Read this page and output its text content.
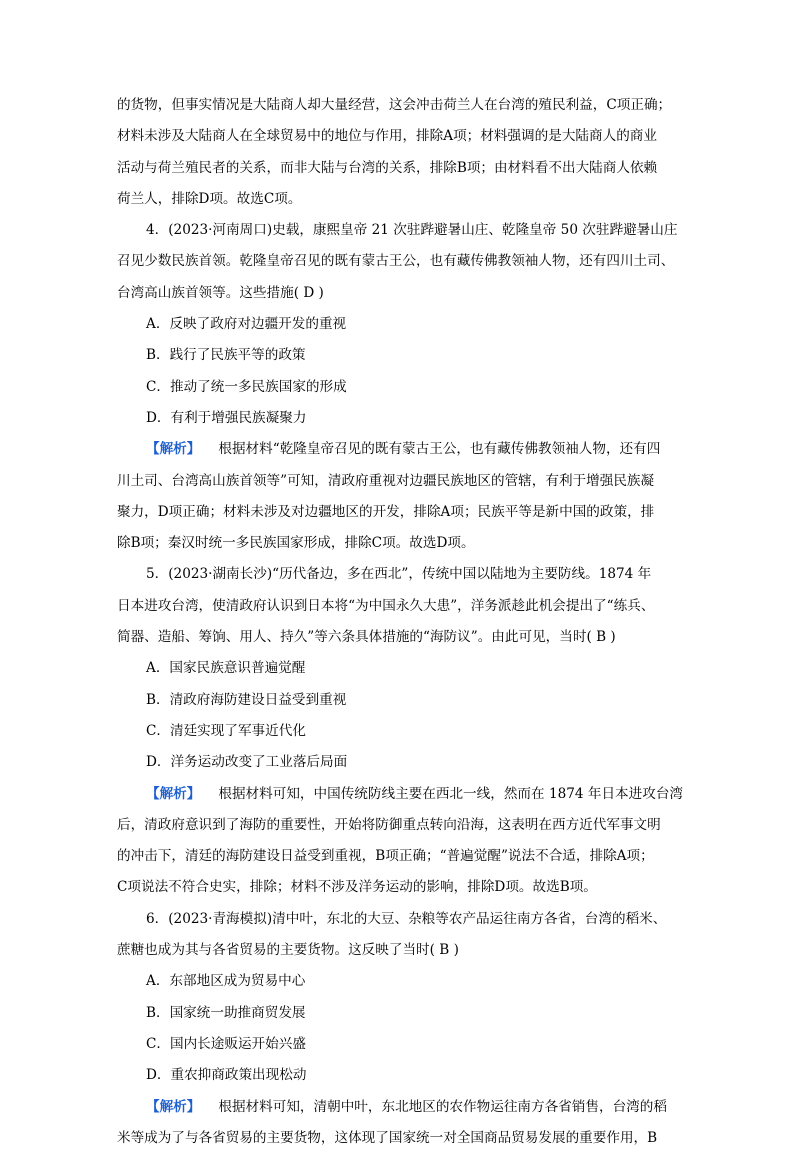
的货物，但事实情况是大陆商人却大量经营，这会冲击荷兰人在台湾的殖民利益，C项正确；
材料未涉及大陆商人在全球贸易中的地位与作用，排除A项；材料强调的是大陆商人的商业
活动与荷兰殖民者的关系，而非大陆与台湾的关系，排除B项；由材料看不出大陆商人依赖
荷兰人，排除D项。故选C项。
4．(2023·河南周口)史载，康熙皇帝 21 次驻跸避暑山庄、乾隆皇帝 50 次驻跸避暑山庄
召见少数民族首领。乾隆皇帝召见的既有蒙古王公，也有藏传佛教领袖人物，还有四川土司、
台湾高山族首领等。这些措施( D )
A．反映了政府对边疆开发的重视
B．践行了民族平等的政策
C．推动了统一多民族国家的形成
D．有利于增强民族凝聚力
【解析】 根据材料“乾隆皇帝召见的既有蒙古王公，也有藏传佛教领袖人物，还有四
川土司、台湾高山族首领等”可知，清政府重视对边疆民族地区的管辖，有利于增强民族凝
聚力，D项正确；材料未涉及对边疆地区的开发，排除A项；民族平等是新中国的政策，排
除B项；秦汉时统一多民族国家形成，排除C项。故选D项。
5．(2023·湖南长沙)“历代备边，多在西北”，传统中国以陆地为主要防线。1874 年
日本进攻台湾，使清政府认识到日本将“为中国永久大患”，洋务派趁此机会提出了“练兵、
简器、造船、筹饷、用人、持久”等六条具体措施的“海防议”。由此可见，当时( B )
A．国家民族意识普遍觉醒
B．清政府海防建设日益受到重视
C．清廷实现了军事近代化
D．洋务运动改变了工业落后局面
【解析】 根据材料可知，中国传统防线主要在西北一线，然而在 1874 年日本进攻台湾
后，清政府意识到了海防的重要性，开始将防御重点转向沿海，这表明在西方近代军事文明
的冲击下，清廷的海防建设日益受到重视，B项正确；“普遍觉醒”说法不合适，排除A项；
C项说法不符合史实，排除；材料不涉及洋务运动的影响，排除D项。故选B项。
6．(2023·青海模拟)清中叶，东北的大豆、杂粮等农产品运往南方各省，台湾的稻米、
蔗糖也成为其与各省贸易的主要货物。这反映了当时( B )
A．东部地区成为贸易中心
B．国家统一助推商贸发展
C．国内长途贩运开始兴盛
D．重农抑商政策出现松动
【解析】 根据材料可知，清朝中叶，东北地区的农作物运往南方各省销售，台湾的稻
米等成为了与各省贸易的主要货物，这体现了国家统一对全国商品贸易发展的重要作用，B
